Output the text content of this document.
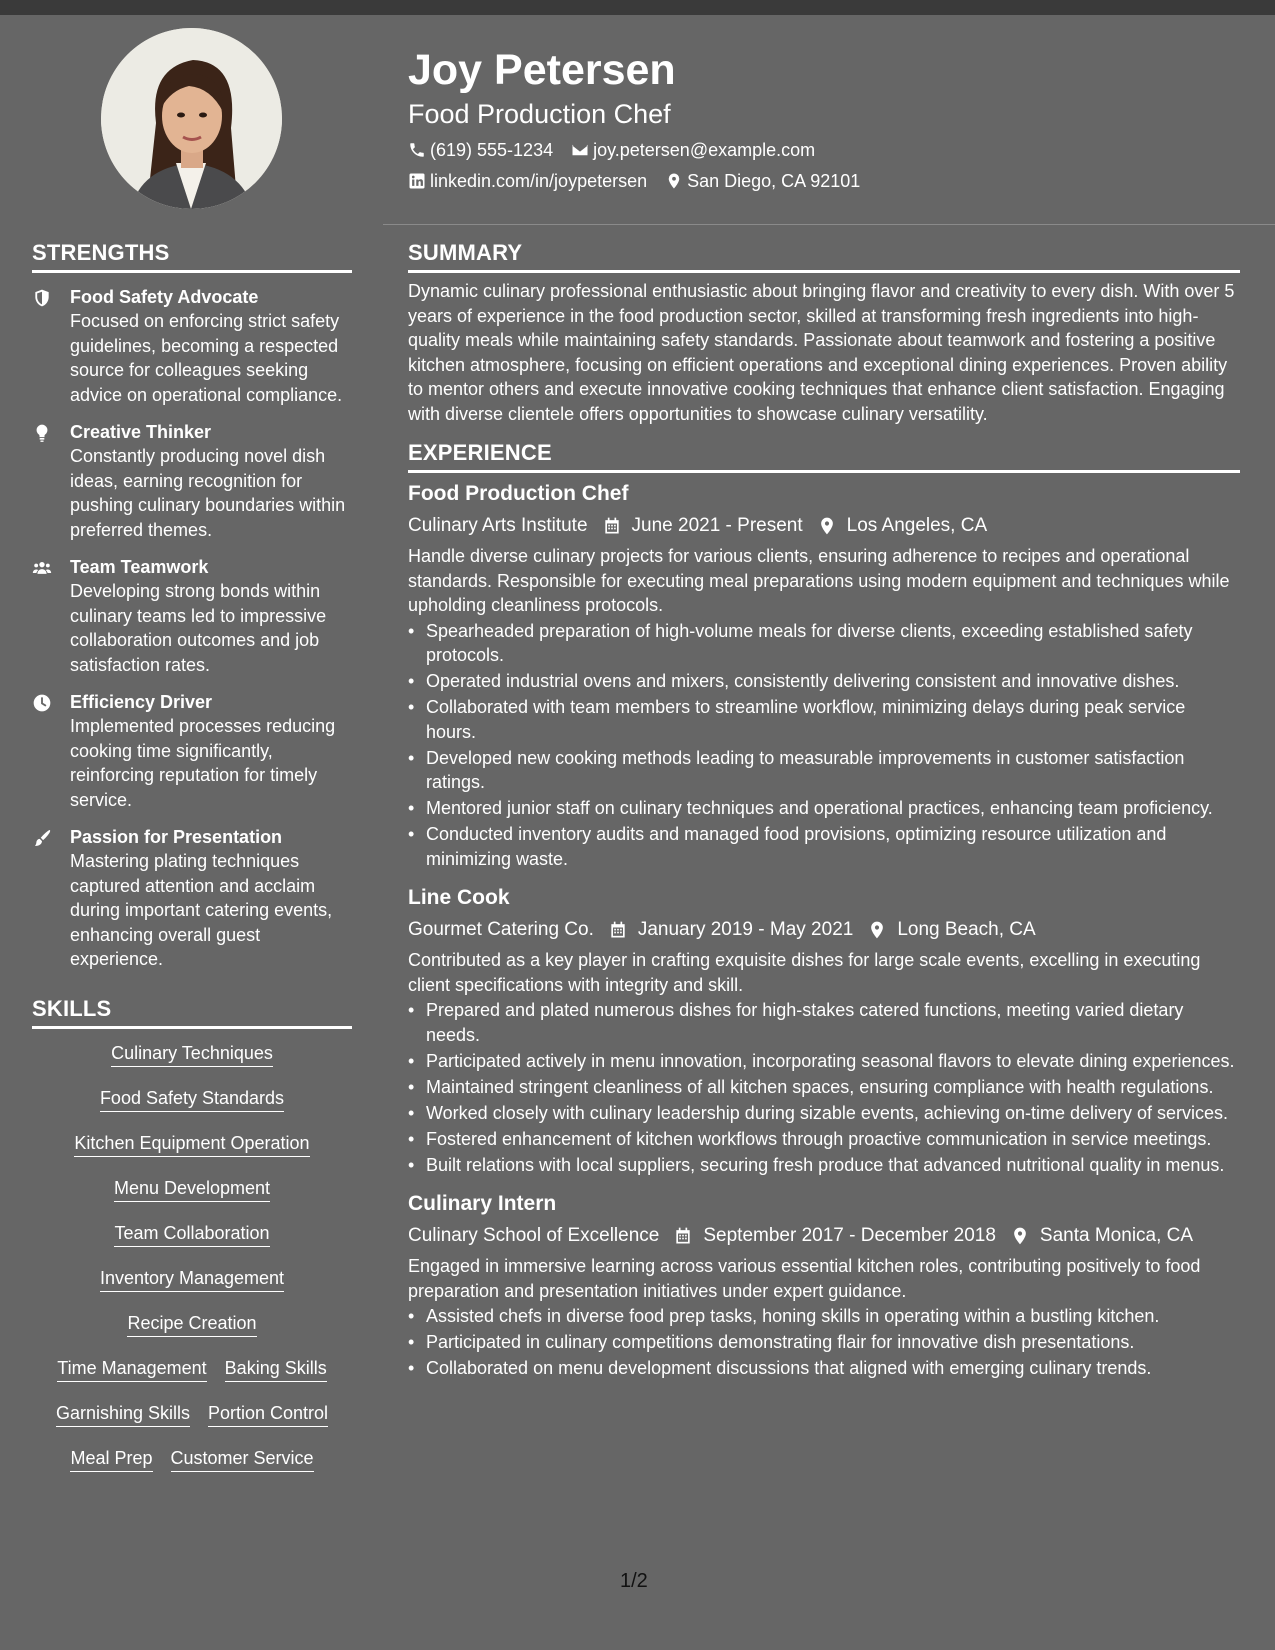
STRENGTHS
Food Safety Advocate
Focused on enforcing strict safety guidelines, becoming a respected source for colleagues seeking advice on operational compliance.
Creative Thinker
Constantly producing novel dish ideas, earning recognition for pushing culinary boundaries within preferred themes.
Team Teamwork
Developing strong bonds within culinary teams led to impressive collaboration outcomes and job satisfaction rates.
Efficiency Driver
Implemented processes reducing cooking time significantly, reinforcing reputation for timely service.
Passion for Presentation
Mastering plating techniques captured attention and acclaim during important catering events, enhancing overall guest experience.
SKILLS
Culinary Techniques
Food Safety Standards
Kitchen Equipment Operation
Menu Development
Team Collaboration
Inventory Management
Recipe Creation
Time Management Baking Skills
Garnishing Skills Portion Control
Meal Prep Customer Service
Joy Petersen
Food Production Chef
(619) 555-1234 joy.petersen@example.com
linkedin.com/in/joypetersen San Diego, CA 92101
SUMMARY
Dynamic culinary professional enthusiastic about bringing flavor and creativity to every dish. With over 5 years of experience in the food production sector, skilled at transforming fresh ingredients into high-quality meals while maintaining safety standards. Passionate about teamwork and fostering a positive kitchen atmosphere, focusing on efficient operations and exceptional dining experiences. Proven ability to mentor others and execute innovative cooking techniques that enhance client satisfaction. Engaging with diverse clientele offers opportunities to showcase culinary versatility.
EXPERIENCE
Food Production Chef
Culinary Arts Institute June 2021 - Present Los Angeles, CA
Handle diverse culinary projects for various clients, ensuring adherence to recipes and operational standards. Responsible for executing meal preparations using modern equipment and techniques while upholding cleanliness protocols.
• Spearheaded preparation of high-volume meals for diverse clients, exceeding established safety protocols.
• Operated industrial ovens and mixers, consistently delivering consistent and innovative dishes.
• Collaborated with team members to streamline workflow, minimizing delays during peak service hours.
• Developed new cooking methods leading to measurable improvements in customer satisfaction ratings.
• Mentored junior staff on culinary techniques and operational practices, enhancing team proficiency.
• Conducted inventory audits and managed food provisions, optimizing resource utilization and minimizing waste.
Line Cook
Gourmet Catering Co. January 2019 - May 2021 Long Beach, CA
Contributed as a key player in crafting exquisite dishes for large scale events, excelling in executing client specifications with integrity and skill.
• Prepared and plated numerous dishes for high-stakes catered functions, meeting varied dietary needs.
• Participated actively in menu innovation, incorporating seasonal flavors to elevate dining experiences.
• Maintained stringent cleanliness of all kitchen spaces, ensuring compliance with health regulations.
• Worked closely with culinary leadership during sizable events, achieving on-time delivery of services.
• Fostered enhancement of kitchen workflows through proactive communication in service meetings.
• Built relations with local suppliers, securing fresh produce that advanced nutritional quality in menus.
Culinary Intern
Culinary School of Excellence September 2017 - December 2018 Santa Monica, CA
Engaged in immersive learning across various essential kitchen roles, contributing positively to food preparation and presentation initiatives under expert guidance.
• Assisted chefs in diverse food prep tasks, honing skills in operating within a bustling kitchen.
• Participated in culinary competitions demonstrating flair for innovative dish presentations.
• Collaborated on menu development discussions that aligned with emerging culinary trends.
1/2
